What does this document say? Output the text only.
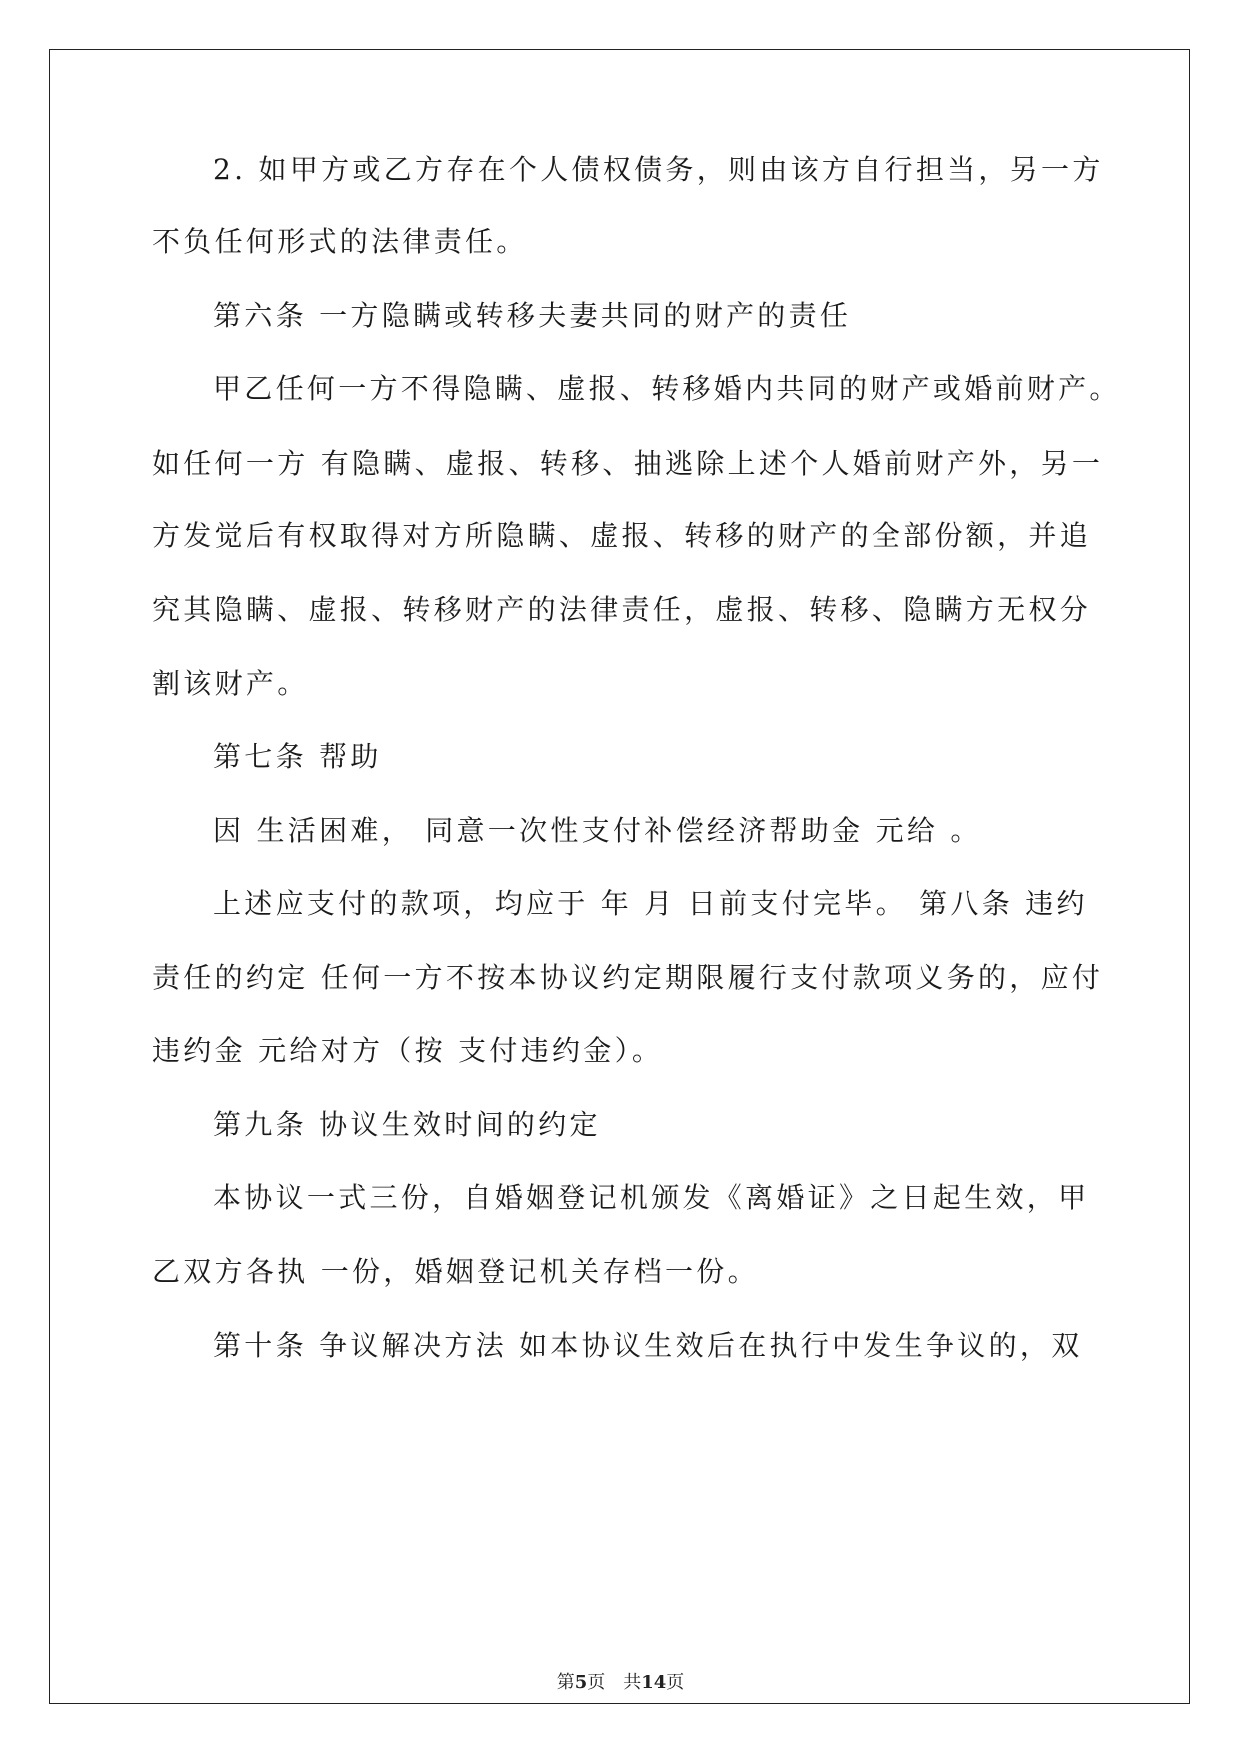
2. 如甲方或乙方存在个人债权债务，则由该方自行担当，另一方
不负任何形式的法律责任。
第六条 一方隐瞒或转移夫妻共同的财产的责任
甲乙任何一方不得隐瞒、虚报、转移婚内共同的财产或婚前财产。
如任何一方 有隐瞒、虚报、转移、抽逃除上述个人婚前财产外，另一
方发觉后有权取得对方所隐瞒、虚报、转移的财产的全部份额，并追
究其隐瞒、虚报、转移财产的法律责任，虚报、转移、隐瞒方无权分
割该财产。
第七条 帮助
因 生活困难， 同意一次性支付补偿经济帮助金 元给 。
上述应支付的款项，均应于 年 月 日前支付完毕。 第八条 违约
责任的约定 任何一方不按本协议约定期限履行支付款项义务的，应付
违约金 元给对方（按 支付违约金）。
第九条 协议生效时间的约定
本协议一式三份，自婚姻登记机颁发《离婚证》之日起生效，甲
乙双方各执 一份，婚姻登记机关存档一份。
第十条 争议解决方法 如本协议生效后在执行中发生争议的，双
第5页 共14页
